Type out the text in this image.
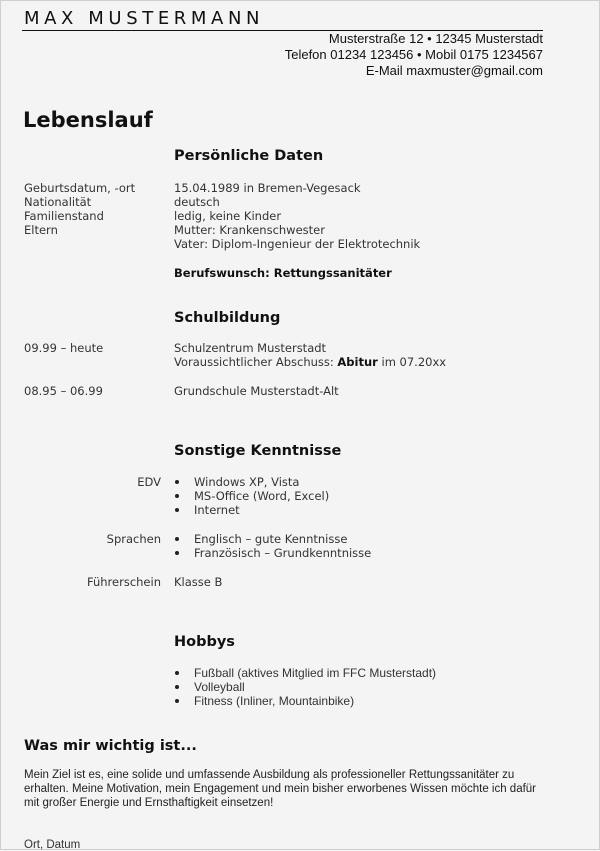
MAX MUSTERMANN
Musterstraße 12 • 12345 Musterstadt
Telefon 01234 123456 • Mobil 0175 1234567
E-Mail maxmuster@gmail.com
Lebenslauf
Persönliche Daten
Geburtsdatum, -ort	15.04.1989 in Bremen-Vegesack
Nationalität	deutsch
Familienstand	ledig, keine Kinder
Eltern	Mutter: Krankenschwester
Vater: Diplom-Ingenieur der Elektrotechnik
Berufswunsch: Rettungssanitäter
Schulbildung
09.99 – heute	Schulzentrum Musterstadt
Voraussichtlicher Abschuss: Abitur im 07.20xx
08.95 – 06.99	Grundschule Musterstadt-Alt
Sonstige Kenntnisse
EDV	Windows XP, Vista
MS-Office (Word, Excel)
Internet
Sprachen	Englisch – gute Kenntnisse
Französisch – Grundkenntnisse
Führerschein Klasse B
Hobbys
Fußball (aktives Mitglied im FFC Musterstadt)
Volleyball
Fitness (Inliner, Mountainbike)
Was mir wichtig ist...
Mein Ziel ist es, eine solide und umfassende Ausbildung als professioneller Rettungssanitäter zu erhalten. Meine Motivation, mein Engagement und mein bisher erworbenes Wissen möchte ich dafür mit großer Energie und Ernsthaftigkeit einsetzen!
Ort, Datum
